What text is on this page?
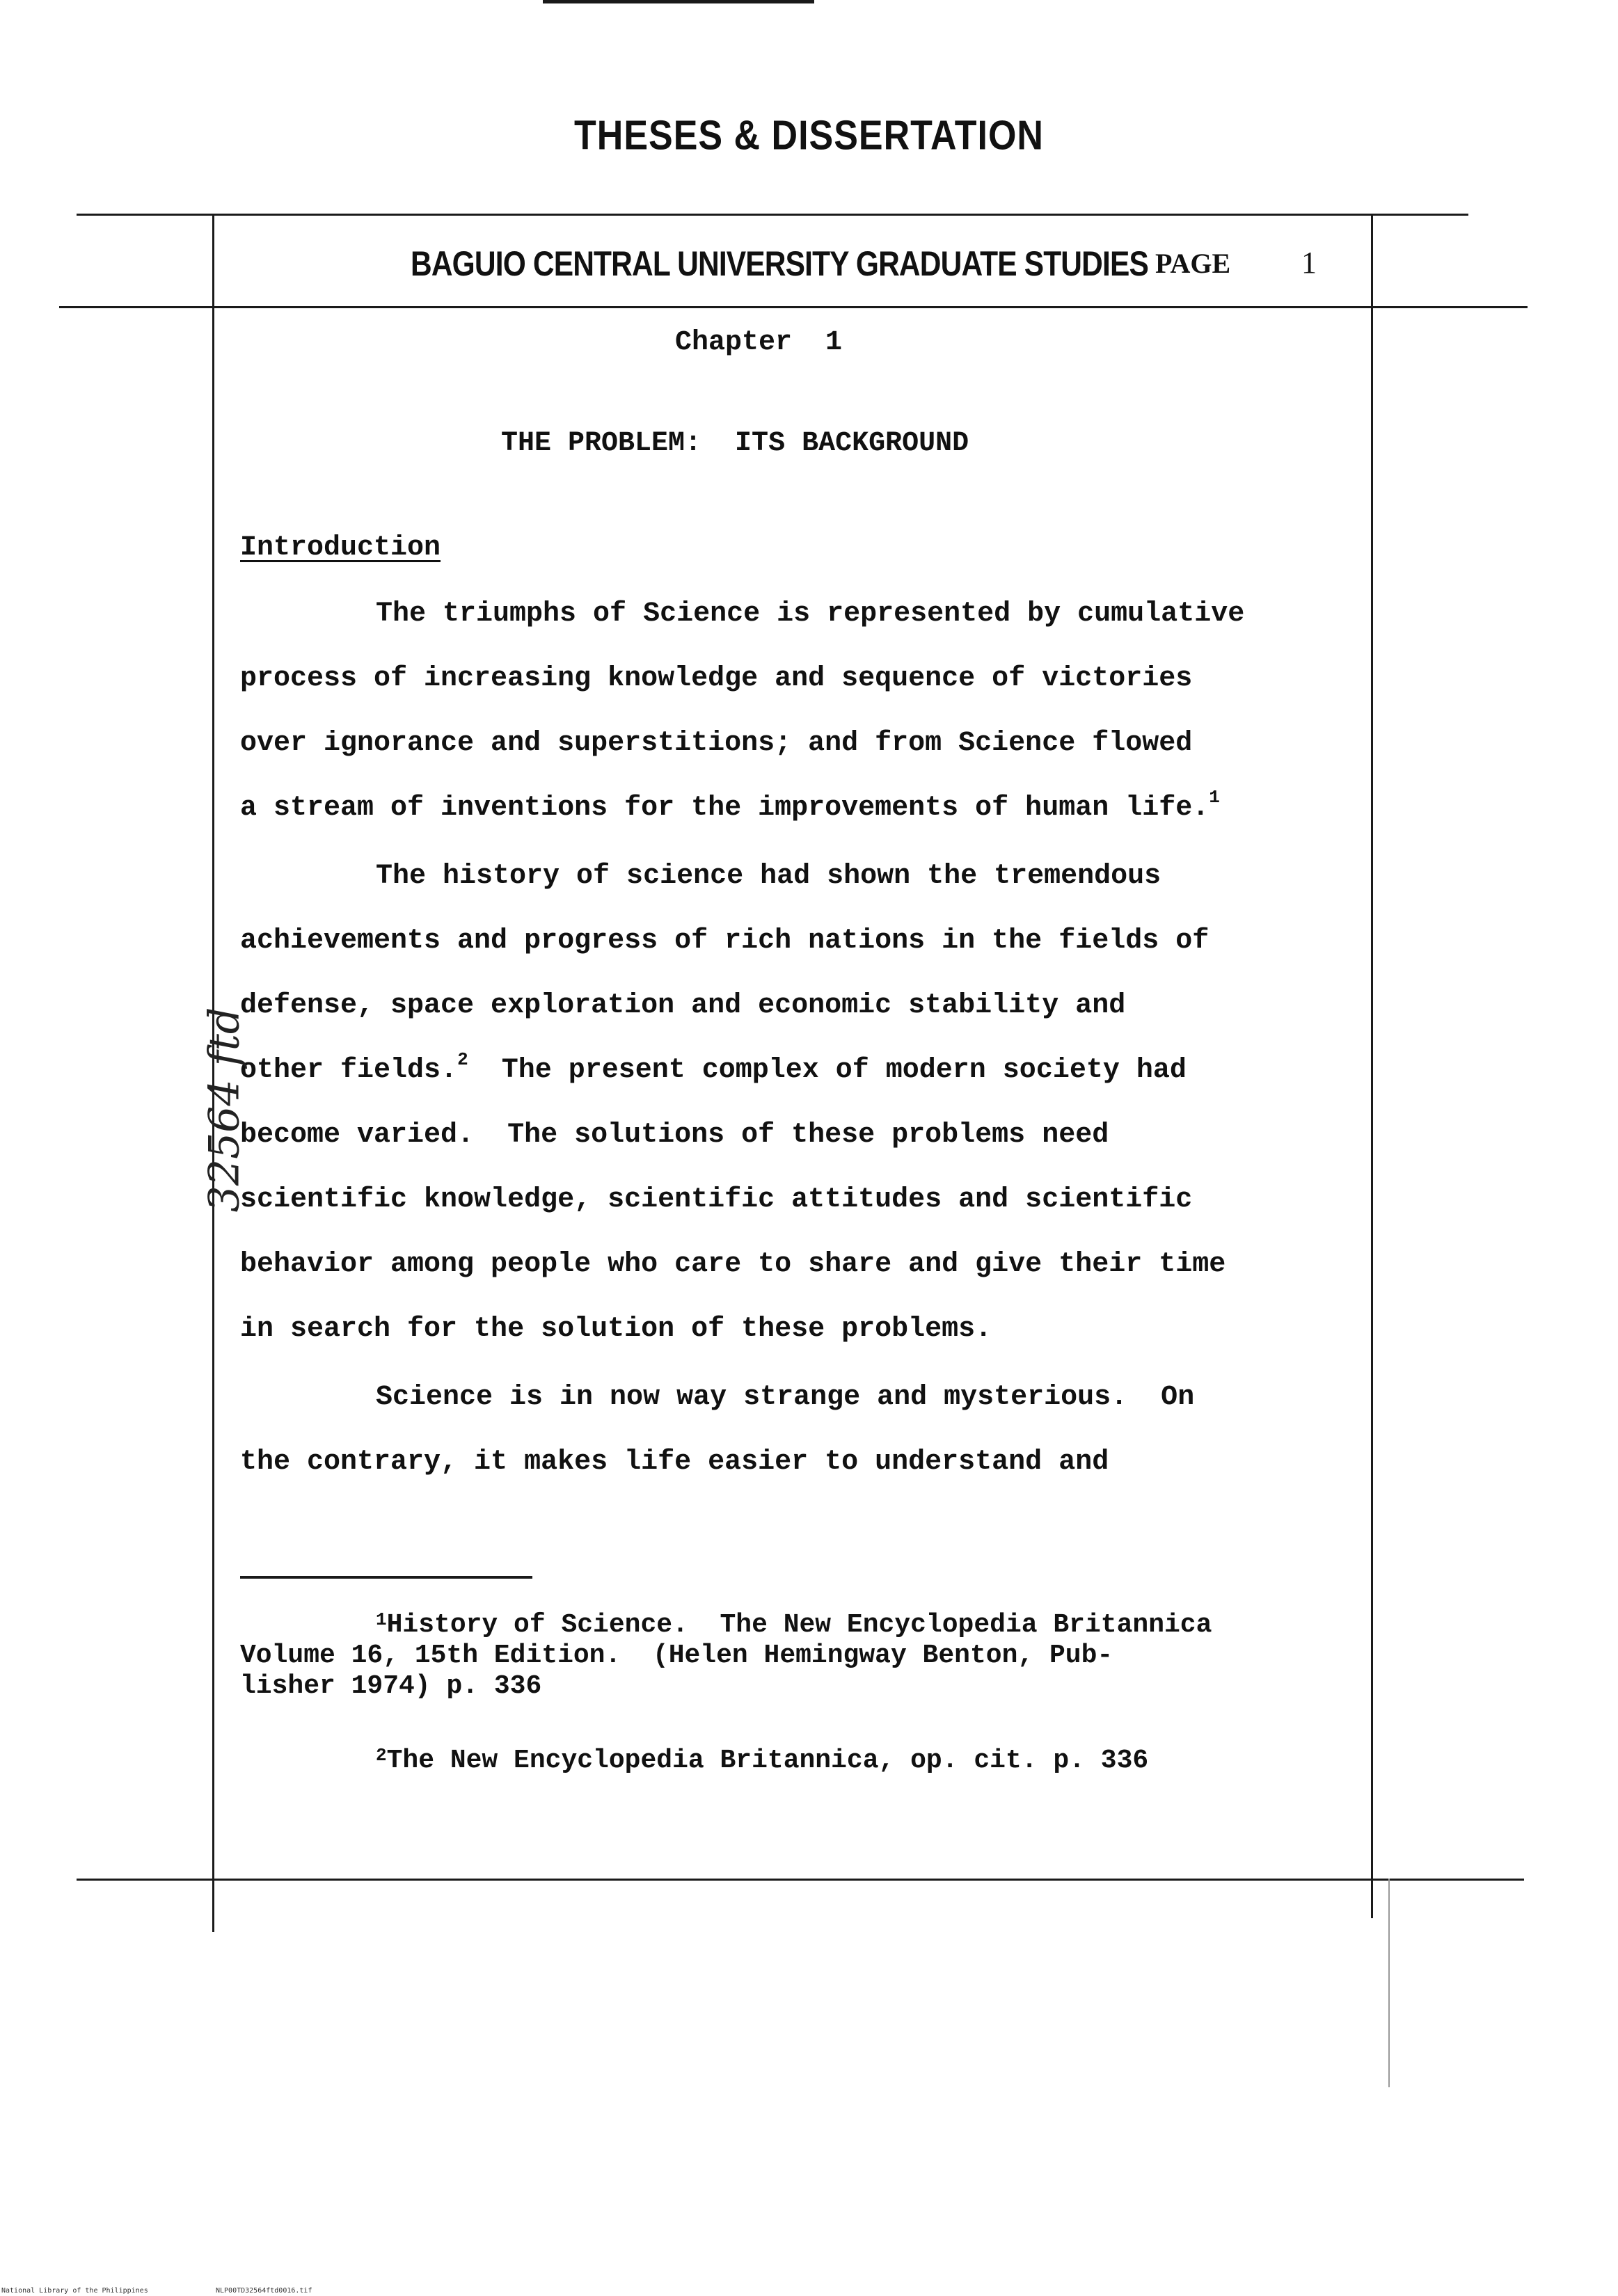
THESES & DISSERTATION
BAGUIO CENTRAL UNIVERSITY GRADUATE STUDIES PAGE 1
Chapter  1
THE PROBLEM:  ITS BACKGROUND
Introduction
The triumphs of Science is represented by cumulative
process of increasing knowledge and sequence of victories
over ignorance and superstitions; and from Science flowed
a stream of inventions for the improvements of human life.$^1$
The history of science had shown the tremendous
achievements and progress of rich nations in the fields of
defense, space exploration and economic stability and
other fields.$^2$ The present complex of modern society had
become varied.  The solutions of these problems need
scientific knowledge, scientific attitudes and scientific
behavior among people who care to share and give their time
in search for the solution of these problems.
Science is in now way strange and mysterious.  On
the contrary, it makes life easier to understand and
$^1$History of Science.  The New Encyclopedia Britannica
Volume 16, 15th Edition.  (Helen Hemingway Benton, Pub-
lisher 1974) p. 336
$^2$The New Encyclopedia Britannica, op. cit. p. 336
32564 ftd
National Library of the Philippines	NLP00TD32564ftd0016.tif
